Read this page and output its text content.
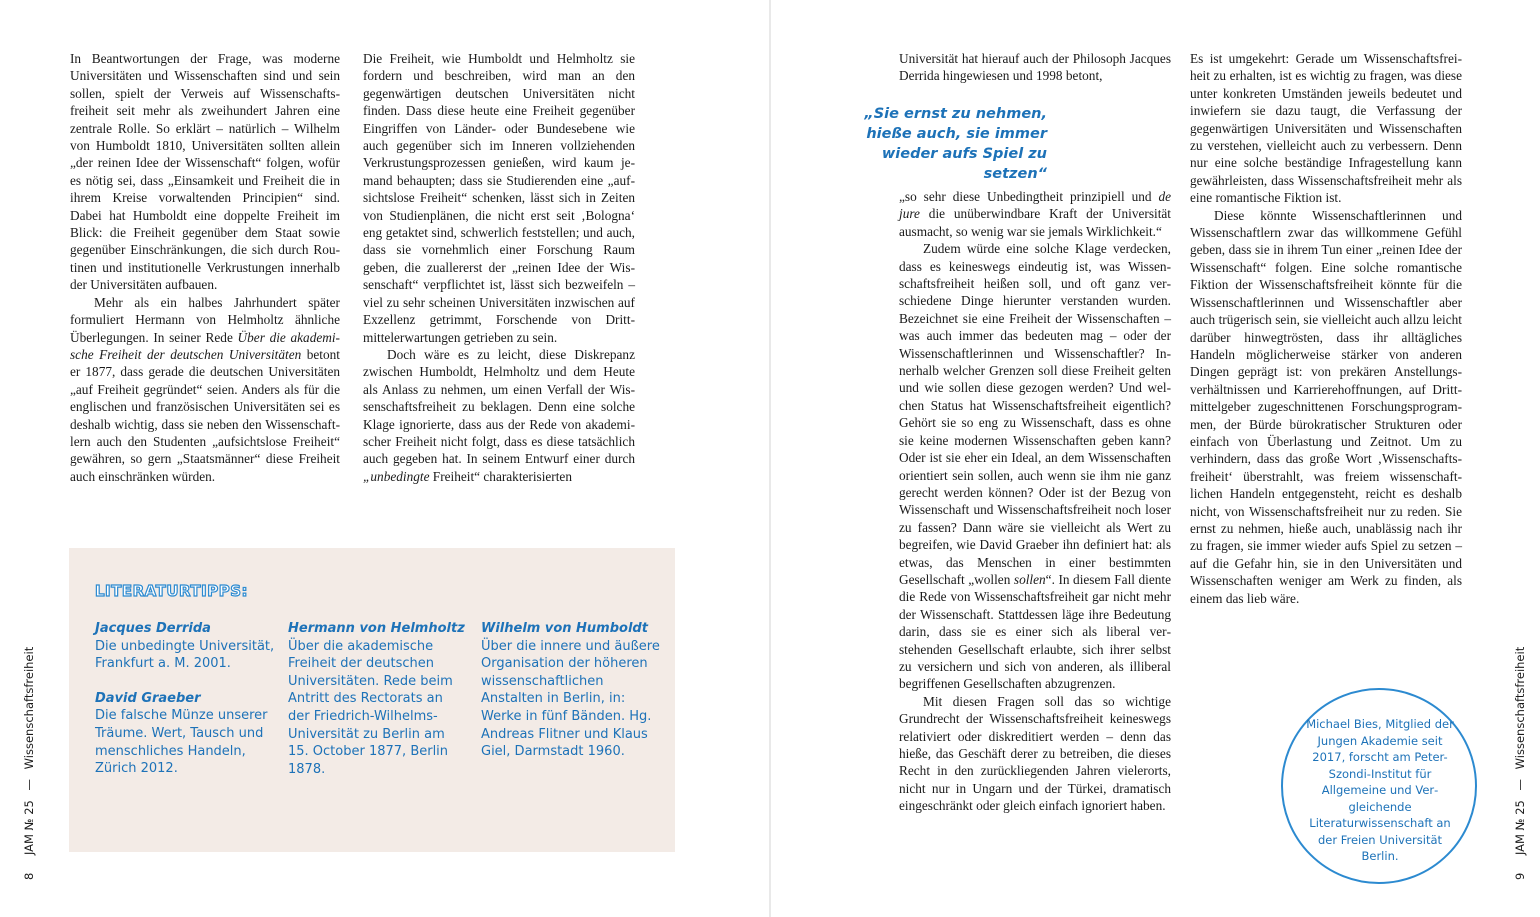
In Beantwortungen der Frage, was moderne Universitäten und Wissenschaften sind und sein sollen, spielt der Verweis auf Wissenschaftsfreiheit seit mehr als zweihundert Jahren eine zentrale Rolle. So erklärt – natürlich – Wilhelm von Humboldt 1810, Universitäten sollten allein „der reinen Idee der Wissenschaft“ folgen, wofür es nötig sei, dass „Einsamkeit und Freiheit die in ihrem Kreise vorwaltenden Principien“ sind. Dabei hat Humboldt eine doppelte Freiheit im Blick: die Freiheit gegenüber dem Staat sowie gegenüber Einschränkungen, die sich durch Routinen und institutionelle Verkrustungen innerhalb der Universitäten aufbauen.

Mehr als ein halbes Jahrhundert später formuliert Hermann von Helmholtz ähnliche Überlegungen. In seiner Rede Über die akademische Freiheit der deutschen Universitäten betont er 1877, dass gerade die deutschen Universitäten „auf Freiheit gegründet“ seien. Anders als für die englischen und französischen Universitäten sei es deshalb wichtig, dass sie neben den Wissenschaftlern auch den Studenten „aufsichtslose Freiheit“ gewähren, so gern „Staatsmänner“ diese Freiheit auch einschränken würden.

Die Freiheit, wie Humboldt und Helmholtz sie fordern und beschreiben, wird man an den gegenwärtigen deutschen Universitäten nicht finden. Dass diese heute eine Freiheit gegenüber Eingriffen von Länder- oder Bundesebene wie auch gegenüber sich im Inneren vollziehenden Verkrustungsprozessen genießen, wird kaum jemand behaupten; dass sie Studierenden eine „aufsichtslose Freiheit“ schenken, lässt sich in Zeiten von Studienplänen, die nicht erst seit ‚Bologna‘ eng getaktet sind, schwerlich feststellen; und auch, dass sie vornehmlich einer Forschung Raum geben, die zuallererst der „reinen Idee der Wissenschaft“ verpflichtet ist, lässt sich bezweifeln – viel zu sehr scheinen Universitäten inzwischen auf Exzellenz getrimmt, Forschende von Drittmittelerwartungen getrieben zu sein.

Doch wäre es zu leicht, diese Diskrepanz zwischen Humboldt, Helmholtz und dem Heute als Anlass zu nehmen, um einen Verfall der Wissenschaftsfreiheit zu beklagen. Denn eine solche Klage ignorierte, dass aus der Rede von akademischer Freiheit nicht folgt, dass es diese tatsächlich auch gegeben hat. In seinem Entwurf einer durch „unbedingte Freiheit“ charakterisierten

LITERATURTIPPS:
Jacques Derrida
Die unbedingte Universität, Frankfurt a. M. 2001.
David Graeber
Die falsche Münze unserer Träume. Wert, Tausch und menschliches Handeln, Zürich 2012.
Hermann von Helmholtz
Über die akademische Freiheit der deutschen Universitäten. Rede beim Antritt des Rectorats an der Friedrich-Wilhelms-Universität zu Berlin am 15. October 1877, Berlin 1878.
Wilhelm von Humboldt
Über die innere und äußere Organisation der höheren wissenschaftlichen Anstalten in Berlin, in: Werke in fünf Bänden. Hg. Andreas Flitner und Klaus Giel, Darmstadt 1960.
8 JAM № 25 — Wissenschaftsfreiheit

Universität hat hierauf auch der Philosoph Jacques Derrida hingewiesen und 1998 betont,

„Sie ernst zu nehmen, hieße auch, sie immer wieder aufs Spiel zu setzen“

„so sehr diese Unbedingtheit prinzipiell und de jure die unüberwindbare Kraft der Universität ausmacht, so wenig war sie jemals Wirklichkeit.“

Zudem würde eine solche Klage verdecken, dass es keineswegs eindeutig ist, was Wissenschaftsfreiheit heißen soll, und oft ganz verschiedene Dinge hierunter verstanden wurden. Bezeichnet sie eine Freiheit der Wissenschaften – was auch immer das bedeuten mag – oder der Wissenschaftlerinnen und Wissenschaftler? Innerhalb welcher Grenzen soll diese Freiheit gelten und wie sollen diese gezogen werden? Und welchen Status hat Wissenschaftsfreiheit eigentlich? Gehört sie so eng zu Wissenschaft, dass es ohne sie keine modernen Wissenschaften geben kann? Oder ist sie eher ein Ideal, an dem Wissenschaften orientiert sein sollen, auch wenn sie ihm nie ganz gerecht werden können? Oder ist der Bezug von Wissenschaft und Wissenschaftsfreiheit noch loser zu fassen? Dann wäre sie vielleicht als Wert zu begreifen, wie David Graeber ihn definiert hat: als etwas, das Menschen in einer bestimmten Gesellschaft „wollen sollen“. In diesem Fall diente die Rede von Wissenschaftsfreiheit gar nicht mehr der Wissenschaft. Stattdessen läge ihre Bedeutung darin, dass sie es einer sich als liberal verstehenden Gesellschaft erlaubte, sich ihrer selbst zu versichern und sich von anderen, als illiberal begriffenen Gesellschaften abzugrenzen.

Mit diesen Fragen soll das so wichtige Grundrecht der Wissenschaftsfreiheit keineswegs relativiert oder diskreditiert werden – denn das hieße, das Geschäft derer zu betreiben, die dieses Recht in den zurückliegenden Jahren vielerorts, nicht nur in Ungarn und der Türkei, dramatisch eingeschränkt oder gleich einfach ignoriert haben.

Es ist umgekehrt: Gerade um Wissenschaftsfreiheit zu erhalten, ist es wichtig zu fragen, was diese unter konkreten Umständen jeweils bedeutet und inwiefern sie dazu taugt, die Verfassung der gegenwärtigen Universitäten und Wissenschaften zu verstehen, vielleicht auch zu verbessern. Denn nur eine solche beständige Infragestellung kann gewährleisten, dass Wissenschaftsfreiheit mehr als eine romantische Fiktion ist.

Diese könnte Wissenschaftlerinnen und Wissenschaftlern zwar das willkommene Gefühl geben, dass sie in ihrem Tun einer „reinen Idee der Wissenschaft“ folgen. Eine solche romantische Fiktion der Wissenschaftsfreiheit könnte für die Wissenschaftlerinnen und Wissenschaftler aber auch trügerisch sein, sie vielleicht auch allzu leicht darüber hinwegtrösten, dass ihr alltägliches Handeln möglicherweise stärker von anderen Dingen geprägt ist: von prekären Anstellungsverhältnissen und Karrierehoffnungen, auf Drittmittelgeber zugeschnittenen Forschungsprogrammen, der Bürde bürokratischer Strukturen oder einfach von Überlastung und Zeitnot. Um zu verhindern, dass das große Wort ‚Wissenschaftsfreiheit‘ überstrahlt, was freiem wissenschaftlichen Handeln entgegensteht, reicht es deshalb nicht, von Wissenschaftsfreiheit nur zu reden. Sie ernst zu nehmen, hieße auch, unablässig nach ihr zu fragen, sie immer wieder aufs Spiel zu setzen – auf die Gefahr hin, sie in den Universitäten und Wissenschaften weniger am Werk zu finden, als einem das lieb wäre.

Michael Bies, Mitglied der Jungen Akademie seit 2017, forscht am Peter-Szondi-Institut für Allgemeine und Vergleichende Literaturwissenschaft an der Freien Universität Berlin.
9 JAM № 25 — Wissenschaftsfreiheit
